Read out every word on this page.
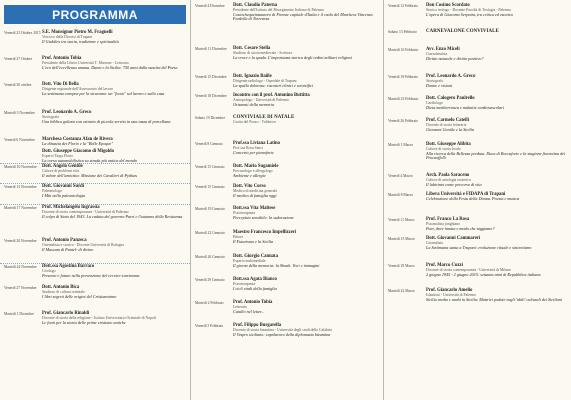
PROGRAMMA
Venerdì 23 Ottobre 2015 S.E. Monsignor Pietro M. Fragnelli
Vescovo della Diocesi di Trapani
Il Giubileo tra storia, tradizione e spiritualità
Venerdì 27 Ottobre	Prof. Antonio Tobia
Presidente della Libera Università T. Marrone - Lettorato
L'eco dell'eccellenza umana. Dante e la Sicilia: 750 anni dalla nascita del Poeta
Venerdì 30 ottobre	Dott. Vito Di Bella
Dirigente regionale dell'Assessorato del lavoro
La settimana europea per la sicurezza: un "focus" sul lavoro e sulla casa
Martedì 3 Novembre	Prof. Leonardo A. Greco
Storiografo
Una biblica goliata con estratto di piccola servito in una tazza di porcellana
Venerdì 6 Novembre	Marchesa Costanza Afan de Rivera
La dinastia dei Florio e la "Belle Epoque"
Dott. Giuseppe Giacomo di Migoldo
Esperto Targa Florio
La corsa automobilistica su strada più antica del mondo
Martedì 10 Novembre	Dott. Angelo Gentile
Cultore di problemi etici
Il valore dell'amicizia: Missione dei Cavalieri di Pythias
Venerdì 13 Novembre	Dott. Giovanni Surdi
Paleontologo
I Miti nella paleontologia
Martedì 17 Novembre	Prof. Michelangelo Ingrassia
Docente di storia contemporanea - Università di Palermo
Il colpo di Stato del 1943. La caduta del governo Parri e l'autunno della Resistenza
Venerdì 20 Novembre	Prof. Antonio Panzeca
Orientalista e storico - Docente Università di Bologna
Il Museum di Pantel- di divino
Martedì 24 Novembre	Dott.ssa Agostina Barraco
Cirologo
Presente e futuro nella prevenzione del cervice-carcinoma
Venerdì 27 Novembre	Dott. Antonio Bica
Studioso di cultura orientale
I libri segreti delle origini del Cristianesimo
Martedì 1 Dicembre	Prof. Giancarlo Rinaldi
Docente di storia della religione - Istituto Universitario Orientale di Napoli
Le fonti per la storia delle prime cristiane antiche
Venerdì 4 Dicembre	Dott. Claudio Paterna
Presidente dell'Istituto del Risorgimento Italiano di Palermo
Costochequeintuunoro di Firenze capitale d'Italia e il ruolo del Marchese Vincenzo Fardella di Torrearsa
Martedì 11 Dicembre	Dott. Cesare Stella
Studioso di storia medievale - Scrittore
La croce e la spada. L'importanza storica degli ordini militari religiosi
Venerdì 15 Dicembre	Dott. Ignazio Baiile
Dirigente radiologo - Ospedale di Trapani
La spalla dolorosa: riscontri clinici e scientifici
Venerdì 18 Dicembre	Incontro con il prof. Antonino Buttitta
Antropologo - Università di Palermo
Orizzonti della memoria
Sabato 19 Dicembre	CONVIVIALE DI NATALE
Grotta del Pozzo - Valderice
Venerdì 8 Gennaio	Prof.ssa Liviana Latino
Prof.ssa Rosa Sanci
Concerto per pianoforte
Venerdì 15 Gennaio	Dott. Mario Sugamiele
Procurologo e allergologo
Ambiente e allergie
Venerdì 15 Gennaio	Dott. Vito Corso
Medico di medicina generale
Il medico di famiglia oggi
Martedì 19 Gennaio	Dott.ssa Vita Maltese
Psicoterapeuta
Percepisto sensibile: la sudorazione
Martedì 22 Gennaio	Maestro Francesco Impellizzeri
Pittore
Il Futurismo e la Sicilia
Martedì 26 Gennaio	Dott. Giorgio Cannata
Esperto multimediale
Il giorno della memoria: la Shoah. Voci e immagini
Venerdì 29 Gennaio	Dott.ssa Agata Bianco
Psicoterapeuta
I cicli vitali della famiglia
Martedì 2 Febbraio	Prof. Antonio Tobia
Letterato
Catullo nel letter...
Venerdì 5 Febbraio	Prof. Filippo Burgarella
Docente di storia bizantina - Università degli studi della Calabria
Il Vespro siciliano: capolavoro della diplomazia bizantina
Venerdì 12 Febbraio	Don Cosimo Scordato
Storico teologo - Docente Facoltà di Teologia - Palermo
L'opera di Giacomo Serpotta, tra critica ed estetica
Sabato 13 Febbraio	CARNEVALONE CONVIVIALE
Martedì 16 Febbraio	Avv. Enzo Miceli
Consulenzista
Diritto naturale e diritto positivo?
Venerdì 19 Febbraio	Prof. Leonardo A. Greco
Storiografo
Donne e visioni
Martedì 23 Febbraio	Dott. Calogero Paulrello
Cardiologo
Dieta mediterranea e malattie cardiovascolari
Venerdì 26 Febbraio	Prof. Carmelo Catelli
Docente di storia letterarie
Giovanni Gentile e la Sicilia
Martedì 1 Marzo	Dott. Giuseppe Alibita
Cultore di storia locale
Alla ricerca della Bellezza perduta. Duca di Roccaforte e la stagione fiorentina dei Procuoffelli
Venerdì 4 Marzo	Arch. Paola Saraceno
Cultore di antologia esoterica
Il labirinto come percorso di vita
Martedì 8 Marzo	Libera Università e FIDAPA di Trapani
Celebrazione della Festa della Donna. Poesia e musica
Venerdì 11 Marzo	Prof. Franco La Rosa
Psicanalista junghiano
Puer, dove innata e moda che taggiamo?
Martedì 15 Marzo	Dott. Giovanni Cammareri
Giornalista
La Settimana santa a Trapani: evoluzione rituale e sincretismo
Venerdì 18 Marzo	Prof. Marco Cuzzi
Docente di storia contemporanea - Università di Milano
2 giugno 1945 - 2 giugno 2015: settanta anni di Repubblica italiana
Martedì 22 Marzo	Prof. Giancarlo Amelio
Islamista - Università di Palermo
Sicilia araba e arabi in Sicilia: Mattrici podute negli 'abili' culturali dei Siciliani
